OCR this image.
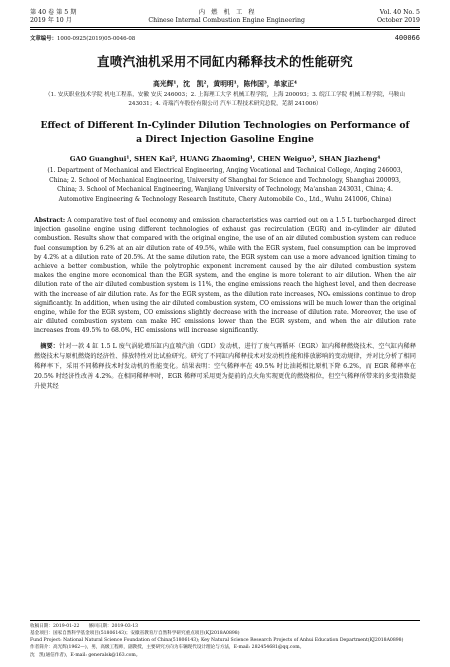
第 40 卷 第 5 期
2019 年 10 月
内　燃　机　工　程
Chinese Internal Combustion Engine Engineering
Vol. 40 No. 5
October 2019
文章编号：1000-0925(2019)05-0046-08	400066
直喷汽油机采用不同缸内稀释技术的性能研究
高光辉¹，沈　凯²，黄明明¹，陈伟国³，单家正⁴
（1. 安庆职业技术学院 机电工程系，安徽 安庆 246003；2. 上海理工大学 机械工程学院，上海 200093；3. 皖江工学院 机械工程学院，马鞍山 243031；4. 奇瑞汽车股份有限公司 汽车工程技术研究总院，芜湖 241006）
Effect of Different In-Cylinder Dilution Technologies on Performance of a Direct Injection Gasoline Engine
GAO Guanghui¹, SHEN Kai², HUANG Zhaoming¹, CHEN Weiguo³, SHAN Jiazheng⁴
(1. Department of Mechanical and Electrical Engineering, Anqing Vocational and Technical College, Anqing 246003, China; 2. School of Mechanical Engineering, University of Shanghai for Science and Technology, Shanghai 200093, China; 3. School of Mechanical Engineering, Wanjiang University of Technology, Ma'anshan 243031, China; 4. Automotive Engineering & Technology Research Institute, Chery Automobile Co., Ltd., Wuhu 241006, China)

Abstract: A comparative test of fuel economy and emission characteristics was carried out on a 1.5 L turbocharged direct injection gasoline engine using different technologies of exhaust gas recirculation (EGR) and in-cylinder air diluted combustion. Results show that compared with the original engine, the use of an air diluted combustion system can reduce fuel consumption by 6.2% at an air dilution rate of 49.5%, while with the EGR system, fuel consumption can be improved by 4.2% at a dilution rate of 20.5%. At the same dilution rate, the EGR system can use a more advanced ignition timing to achieve a better combustion, while the polytrophic exponent increment caused by the air diluted combustion system makes the engine more economical than the EGR system, and the engine is more tolerant to air dilution. When the air dilution rate of the air diluted combustion system is 11%, the engine emissions reach the highest level, and then decrease with the increase of air dilution rate. As for the EGR system, as the dilution rate increases, NOₓ emissions continue to drop significantly. In addition, when using the air diluted combustion system, CO emissions will be much lower than the original engine, while for the EGR system, CO emissions slightly decrease with the increase of dilution rate. Moreover, the use of air diluted combustion system can make HC emissions lower than the EGR system, and when the air dilution rate increases from 49.5% to 68.0%, HC emissions will increase significantly.

摘要：针对一款 4 缸 1.5 L 废气涡轮增压缸内直喷汽油（GDI）发动机，进行了废气再循环（EGR）缸内稀释燃烧技术、空气缸内稀释燃烧技术与原机燃烧的经济性、排放特性对比试验研究。研究了不同缸内稀释技术对发动机性能和排放影响的变动规律，并对比分析了相同稀释率下，采用不同稀释技术时发动机的性能变化。结果表明：空气稀释率在 49.5% 时比油耗相比原机下降 6.2%，而 EGR 稀释率在 20.5% 时经济性改善 4.2%。在相同稀释率时，EGR 稀释可采用更为提前的点火角实现更优的燃烧相位，但空气稀释所带来的多变指数提升使其经

收稿日期：2019-01-22　　修回日期：2019-03-13
基金项目：国家自然科学基金项目(51806143)；安徽省教育厅自然科学研究重点项目(KJ2018A0898)
Fund Project: National Natural Science Foundation of China(51806143); Key Natural Science Research Projects of Anhui Education Department(KJ2018A0898)
作者简介：高光辉(1962—)，男，高级工程师，副教授，主要研究方向为车辆现代设计理论与方法，E-mail: 282454681@qq.com。
沈　凯(通信作者)，E-mail: generalsk@163.com。
